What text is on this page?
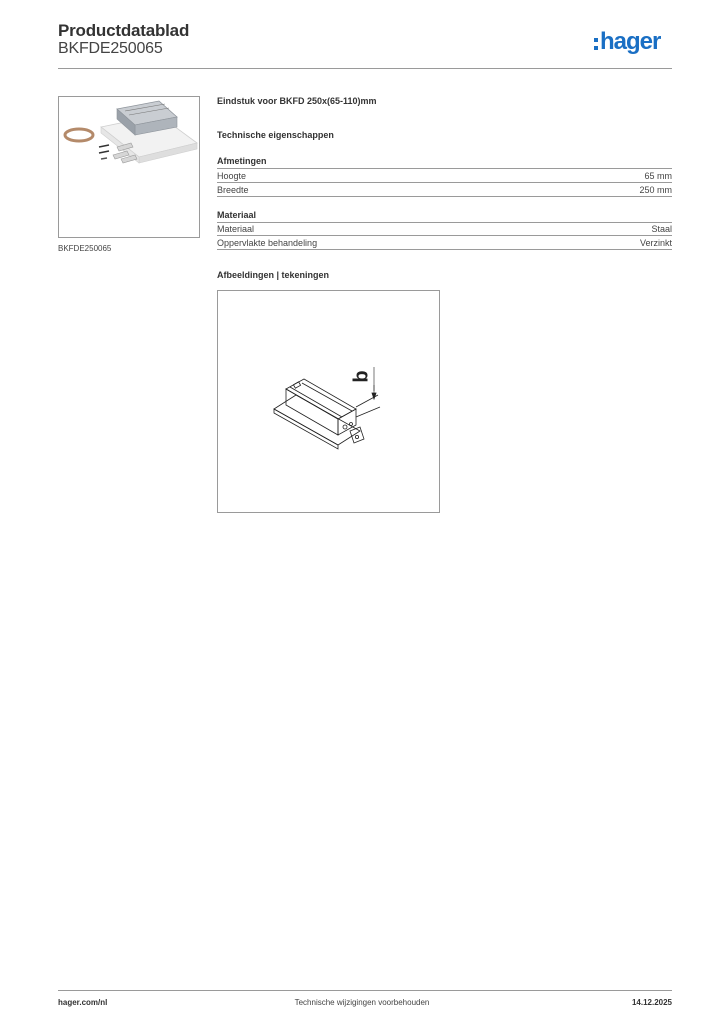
Productdatablad
BKFDE250065	hager
BKFDE250065
Eindstuk voor BKFD 250x(65-110)mm
Technische eigenschappen
Afmetingen
Hoogte	65 mm
Breedte	250 mm
Materiaal
Materiaal	Staal
Oppervlakte behandeling	Verzinkt
Afbeeldingen | tekeningen
b
Technische wijzigingen voorbehouden
hager.com/nl	14.12.2025
